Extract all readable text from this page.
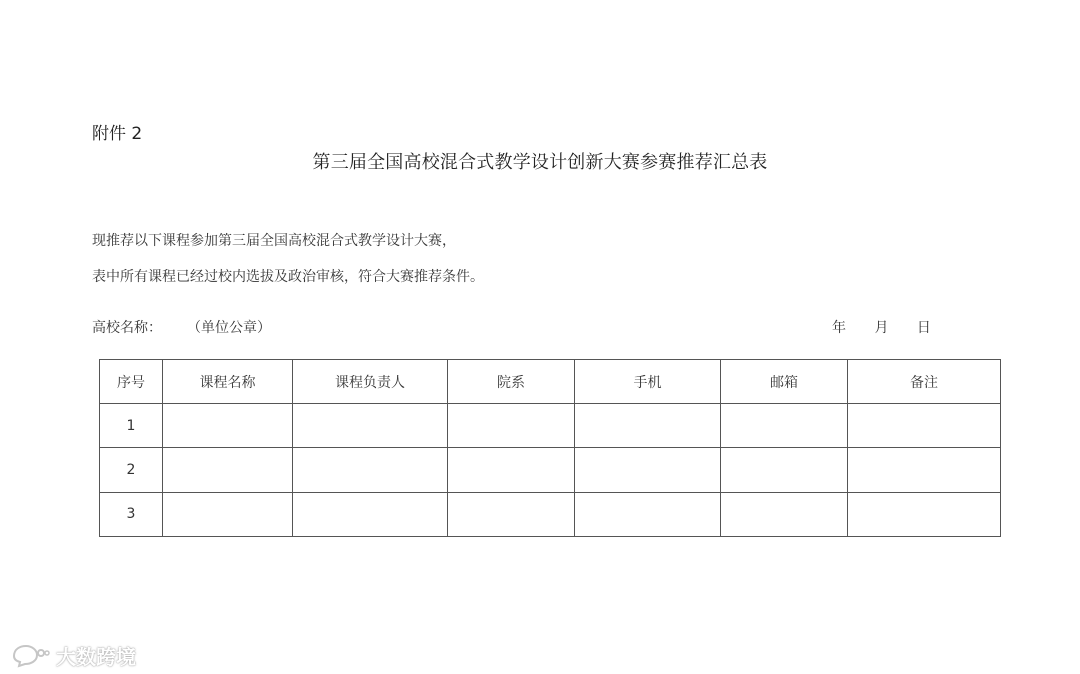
附件 2
第三届全国高校混合式教学设计创新大赛参赛推荐汇总表
现推荐以下课程参加第三届全国高校混合式教学设计大赛，
表中所有课程已经过校内选拔及政治审核，符合大赛推荐条件。
高校名称： （单位公章）	年 月 日
序号	课程名称	课程负责人	院系	手机	邮箱	备注
1						
2						
3						
大数跨境
